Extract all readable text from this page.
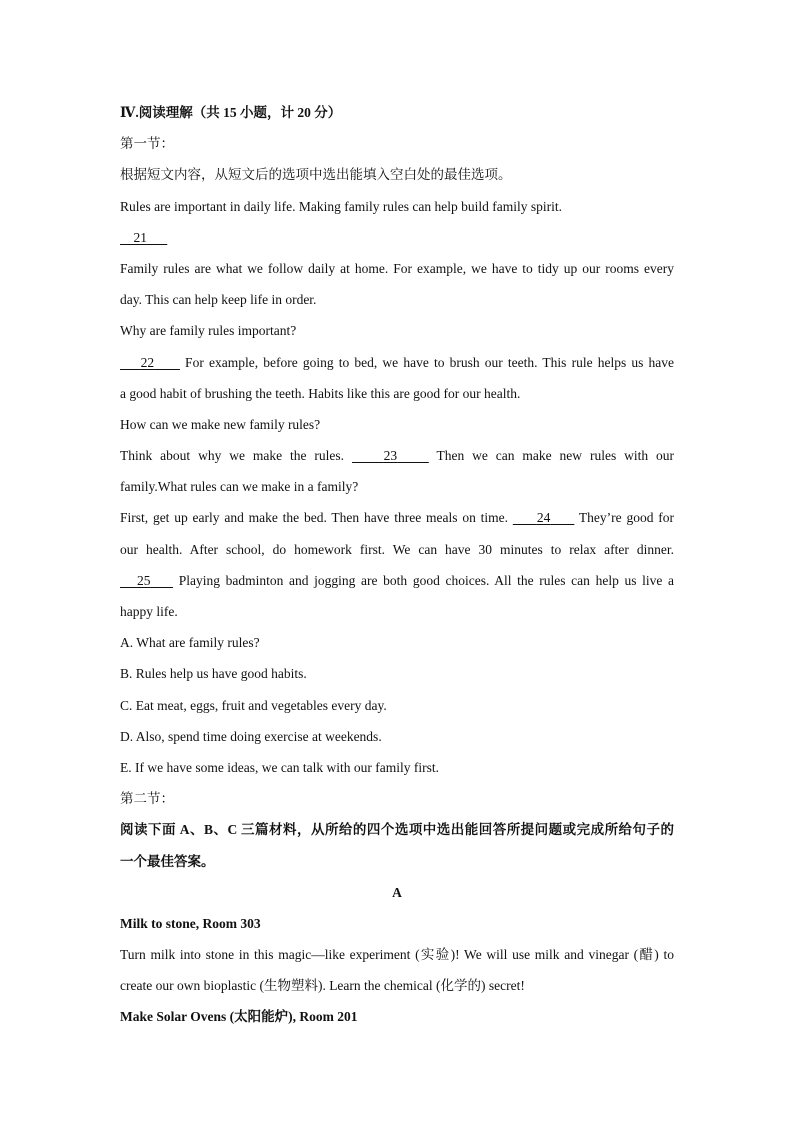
Ⅳ.阅读理解（共 15 小题，计 20 分）
第一节：
根据短文内容，从短文后的选项中选出能填入空白处的最佳选项。
Rules are important in daily life. Making family rules can help build family spirit.
21
Family rules are what we follow daily at home. For example, we have to tidy up our rooms every
day. This can help keep life in order.
Why are family rules important?
22      For example, before going to bed, we have to brush our teeth. This rule helps us have
a good habit of brushing the teeth. Habits like this are good for our health.
How can we make new family rules?
Think about why we make the rules.     23     Then we can make new rules with our
family.What rules can we make in a family?
First, get up early and make the bed. Then have three meals on time.      24      They’re good for
our health. After school, do homework first. We can have 30 minutes to relax after dinner.
25     Playing badminton and jogging are both good choices. All the rules can help us live a
happy life.
A. What are family rules?
B. Rules help us have good habits.
C. Eat meat, eggs, fruit and vegetables every day.
D. Also, spend time doing exercise at weekends.
E. If we have some ideas, we can talk with our family first.
第二节：
阅读下面 A、B、C 三篇材料，从所给的四个选项中选出能回答所提问题或完成所给句子的
一个最佳答案。
A
Milk to stone, Room 303
Turn milk into stone in this magic—like experiment (实验)! We will use milk and vinegar (醋) to
create our own bioplastic (生物塑料). Learn the chemical (化学的) secret!
Make Solar Ovens (太阳能炉), Room 201
